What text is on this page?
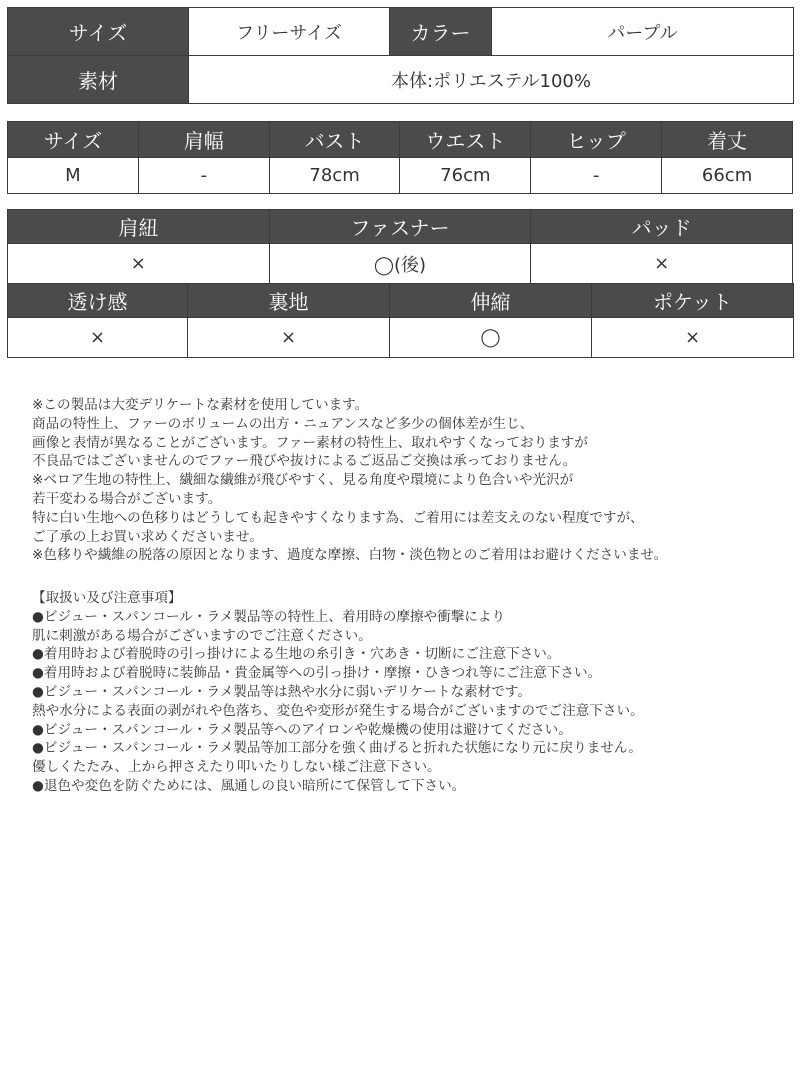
サイズ	フリーサイズ	カラー	パープル
素材	本体:ポリエステル100%		
サイズ	肩幅	バスト	ウエスト	ヒップ	着丈
M	-	78cm	76cm	-	66cm
肩紐	ファスナー	パッド
×	◯(後)	×
透け感	裏地	伸縮	ポケット
×	×	◯	×
※この製品は大変デリケートな素材を使用しています。
商品の特性上、ファーのボリュームの出方・ニュアンスなど多少の個体差が生じ、
画像と表情が異なることがございます。ファー素材の特性上、取れやすくなっておりますが
不良品ではございませんのでファー飛びや抜けによるご返品ご交換は承っておりません。
※ベロア生地の特性上、繊細な繊維が飛びやすく、見る角度や環境により色合いや光沢が
若干変わる場合がございます。
特に白い生地への色移りはどうしても起きやすくなります為、ご着用には差支えのない程度ですが、
ご了承の上お買い求めくださいませ。
※色移りや繊維の脱落の原因となります、過度な摩擦、白物・淡色物とのご着用はお避けくださいませ。
【取扱い及び注意事項】
●ビジュー・スパンコール・ラメ製品等の特性上、着用時の摩擦や衝撃により
肌に刺激がある場合がございますのでご注意ください。
●着用時および着脱時の引っ掛けによる生地の糸引き・穴あき・切断にご注意下さい。
●着用時および着脱時に装飾品・貴金属等への引っ掛け・摩擦・ひきつれ等にご注意下さい。
●ビジュー・スパンコール・ラメ製品等は熱や水分に弱いデリケートな素材です。
熱や水分による表面の剥がれや色落ち、変色や変形が発生する場合がございますのでご注意下さい。
●ビジュー・スパンコール・ラメ製品等へのアイロンや乾燥機の使用は避けてください。
●ビジュー・スパンコール・ラメ製品等加工部分を強く曲げると折れた状態になり元に戻りません。
優しくたたみ、上から押さえたり叩いたりしない様ご注意下さい。
●退色や変色を防ぐためには、風通しの良い暗所にて保管して下さい。
